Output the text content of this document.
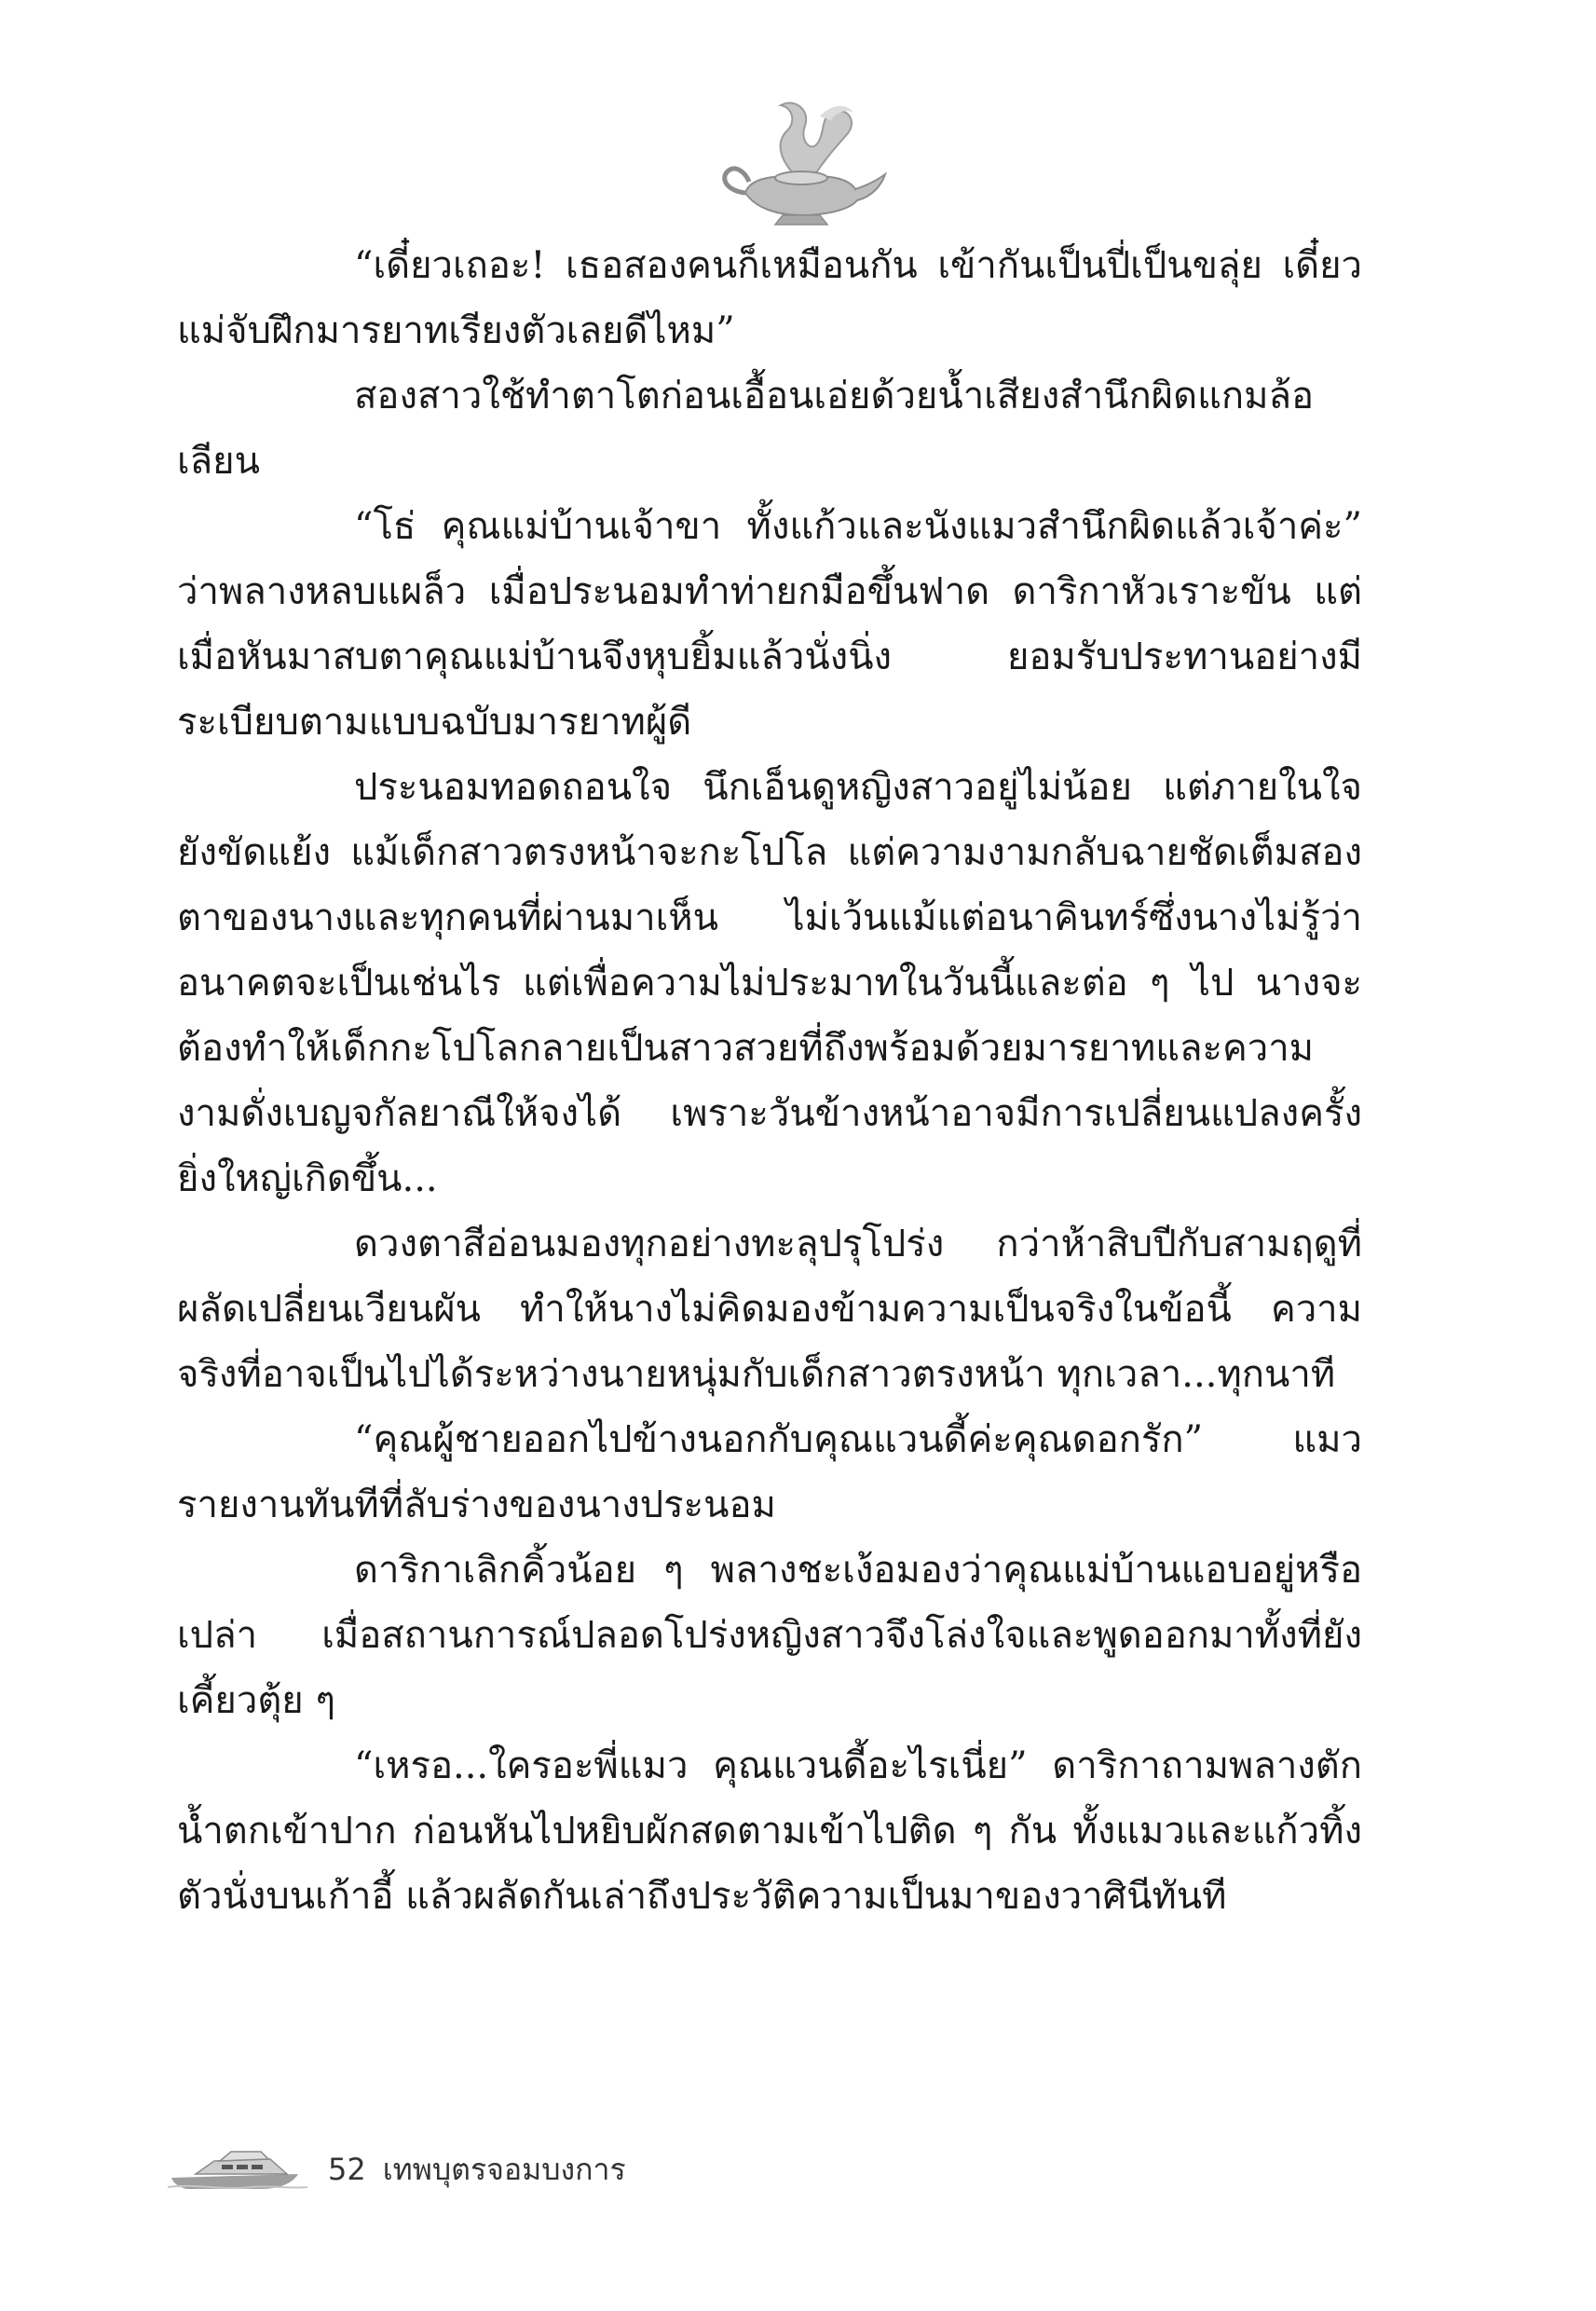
“เดี๋ยวเถอะ! เธอสองคนก็เหมือนกัน เข้ากันเป็นปี่เป็นขลุ่ย เดี๋ยวแม่จับฝึกมารยาทเรียงตัวเลยดีไหม”

สองสาวใช้ทำตาโตก่อนเอื้อนเอ่ยด้วยน้ำเสียงสำนึกผิดแกมล้อเลียน

“โธ่ คุณแม่บ้านเจ้าขา ทั้งแก้วและนังแมวสำนึกผิดแล้วเจ้าค่ะ” ว่าพลางหลบแผล็ว เมื่อประนอมทำท่ายกมือขึ้นฟาด ดาริกาหัวเราะขัน แต่เมื่อหันมาสบตาคุณแม่บ้านจึงหุบยิ้มแล้วนั่งนิ่ง ยอมรับประทานอย่างมีระเบียบตามแบบฉบับมารยาทผู้ดี

ประนอมทอดถอนใจ นึกเอ็นดูหญิงสาวอยู่ไม่น้อย แต่ภายในใจยังขัดแย้ง แม้เด็กสาวตรงหน้าจะกะโปโล แต่ความงามกลับฉายชัดเต็มสองตาของนางและทุกคนที่ผ่านมาเห็น ไม่เว้นแม้แต่อนาคินทร์ซึ่งนางไม่รู้ว่าอนาคตจะเป็นเช่นไร แต่เพื่อความไม่ประมาทในวันนี้และต่อ ๆ ไป นางจะต้องทำให้เด็กกะโปโลกลายเป็นสาวสวยที่ถึงพร้อมด้วยมารยาทและความงามดั่งเบญจกัลยาณีให้จงได้ เพราะวันข้างหน้าอาจมีการเปลี่ยนแปลงครั้งยิ่งใหญ่เกิดขึ้น...

ดวงตาสีอ่อนมองทุกอย่างทะลุปรุโปร่ง กว่าห้าสิบปีกับสามฤดูที่ผลัดเปลี่ยนเวียนผัน ทำให้นางไม่คิดมองข้ามความเป็นจริงในข้อนี้ ความจริงที่อาจเป็นไปได้ระหว่างนายหนุ่มกับเด็กสาวตรงหน้า ทุกเวลา...ทุกนาที

“คุณผู้ชายออกไปข้างนอกกับคุณแวนดี้ค่ะคุณดอกรัก” แมวรายงานทันทีที่ลับร่างของนางประนอม

ดาริกาเลิกคิ้วน้อย ๆ พลางชะเง้อมองว่าคุณแม่บ้านแอบอยู่หรือเปล่า เมื่อสถานการณ์ปลอดโปร่งหญิงสาวจึงโล่งใจและพูดออกมาทั้งที่ยังเคี้ยวตุ้ย ๆ

“เหรอ...ใครอะพี่แมว คุณแวนดี้อะไรเนี่ย” ดาริกาถามพลางตักน้ำตกเข้าปาก ก่อนหันไปหยิบผักสดตามเข้าไปติด ๆ กัน ทั้งแมวและแก้วทิ้งตัวนั่งบนเก้าอี้ แล้วผลัดกันเล่าถึงประวัติความเป็นมาของวาศินีทันที

52 เทพบุตรจอมบงการ
